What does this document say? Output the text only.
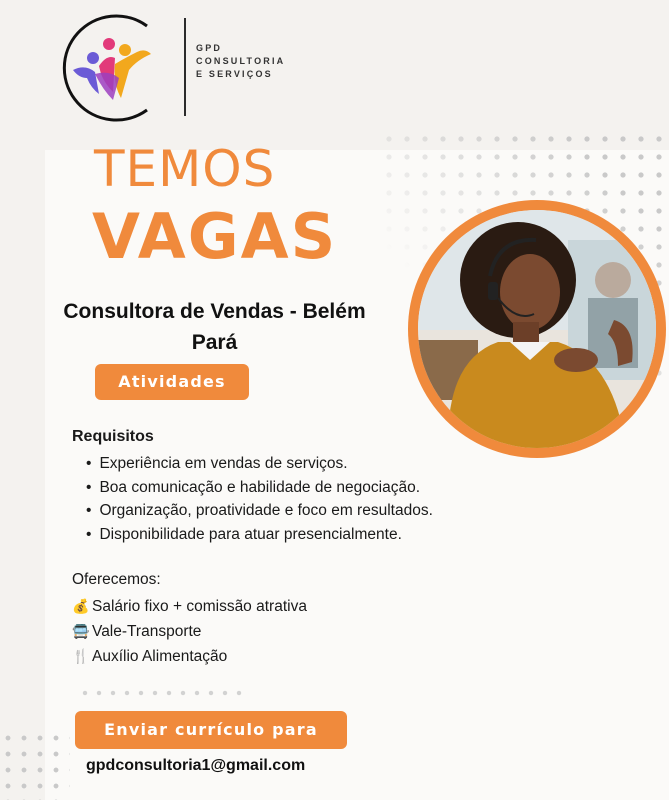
GPD
CONSULTORIA
E SERVIÇOS
TEMOS
VAGAS
Consultora de Vendas - Belém Pará
Atividades
Requisitos
• Experiência em vendas de serviços.
• Boa comunicação e habilidade de negociação.
• Organização, proatividade e foco em resultados.
• Disponibilidade para atuar presencialmente.
Oferecemos:
💰 Salário fixo + comissão atrativa
🚍 Vale-Transporte
🍴 Auxílio Alimentação
Enviar currículo para
gpdconsultoria1@gmail.com
